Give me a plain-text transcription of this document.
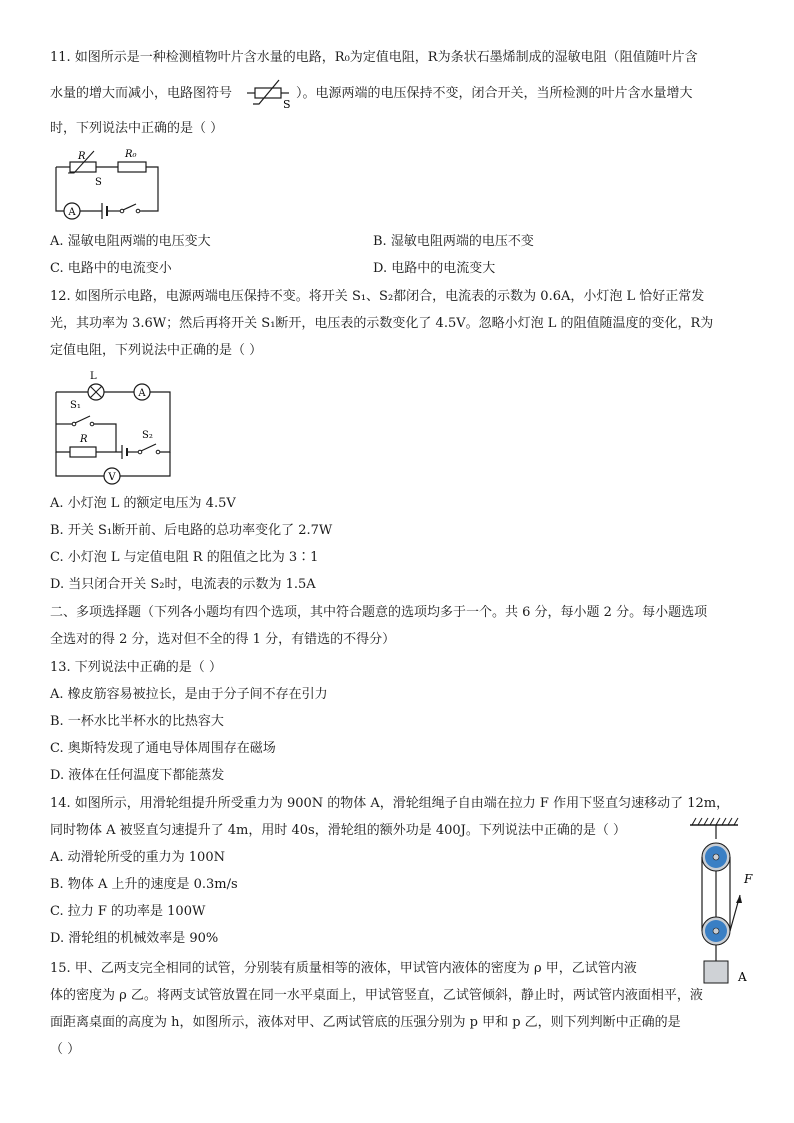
11. 如图所示是一种检测植物叶片含水量的电路，R₀为定值电阻，R为条状石墨烯制成的湿敏电阻（阻值随叶片含
水量的增大而减小，电路图符号
S
）。电源两端的电压保持不变，闭合开关，当所检测的叶片含水量增大
时，下列说法中正确的是（ ）
A
R	R₀
S
A. 湿敏电阻两端的电压变大	B. 湿敏电阻两端的电压不变
C. 电路中的电流变小	D. 电路中的电流变大
12. 如图所示电路，电源两端电压保持不变。将开关 S₁、S₂都闭合，电流表的示数为 0.6A，小灯泡 L 恰好正常发
光，其功率为 3.6W；然后再将开关 S₁断开，电压表的示数变化了 4.5V。忽略小灯泡 L 的阻值随温度的变化，R为
定值电阻，下列说法中正确的是（ ）
A
V
L
S₁
R	S₂
A. 小灯泡 L 的额定电压为 4.5V
B. 开关 S₁断开前、后电路的总功率变化了 2.7W
C. 小灯泡 L 与定值电阻 R 的阻值之比为 3∶1
D. 当只闭合开关 S₂时，电流表的示数为 1.5A
二、多项选择题（下列各小题均有四个选项，其中符合题意的选项均多于一个。共 6 分，每小题 2 分。每小题选项
全选对的得 2 分，选对但不全的得 1 分，有错选的不得分）
13. 下列说法中正确的是（ ）
A. 橡皮筋容易被拉长，是由于分子间不存在引力
B. 一杯水比半杯水的比热容大
C. 奥斯特发现了通电导体周围存在磁场
D. 液体在任何温度下都能蒸发
14. 如图所示，用滑轮组提升所受重力为 900N 的物体 A，滑轮组绳子自由端在拉力 F 作用下竖直匀速移动了 12m，
同时物体 A 被竖直匀速提升了 4m，用时 40s，滑轮组的额外功是 400J。下列说法中正确的是（ ）
A. 动滑轮所受的重力为 100N
B. 物体 A 上升的速度是 0.3m/s
C. 拉力 F 的功率是 100W
D. 滑轮组的机械效率是 90%
F
A
15. 甲、乙两支完全相同的试管，分别装有质量相等的液体，甲试管内液体的密度为 ρ 甲，乙试管内液
体的密度为 ρ 乙。将两支试管放置在同一水平桌面上，甲试管竖直，乙试管倾斜，静止时，两试管内液面相平，液
面距离桌面的高度为 h，如图所示，液体对甲、乙两试管底的压强分别为 p 甲和 p 乙，则下列判断中正确的是
（ ）
